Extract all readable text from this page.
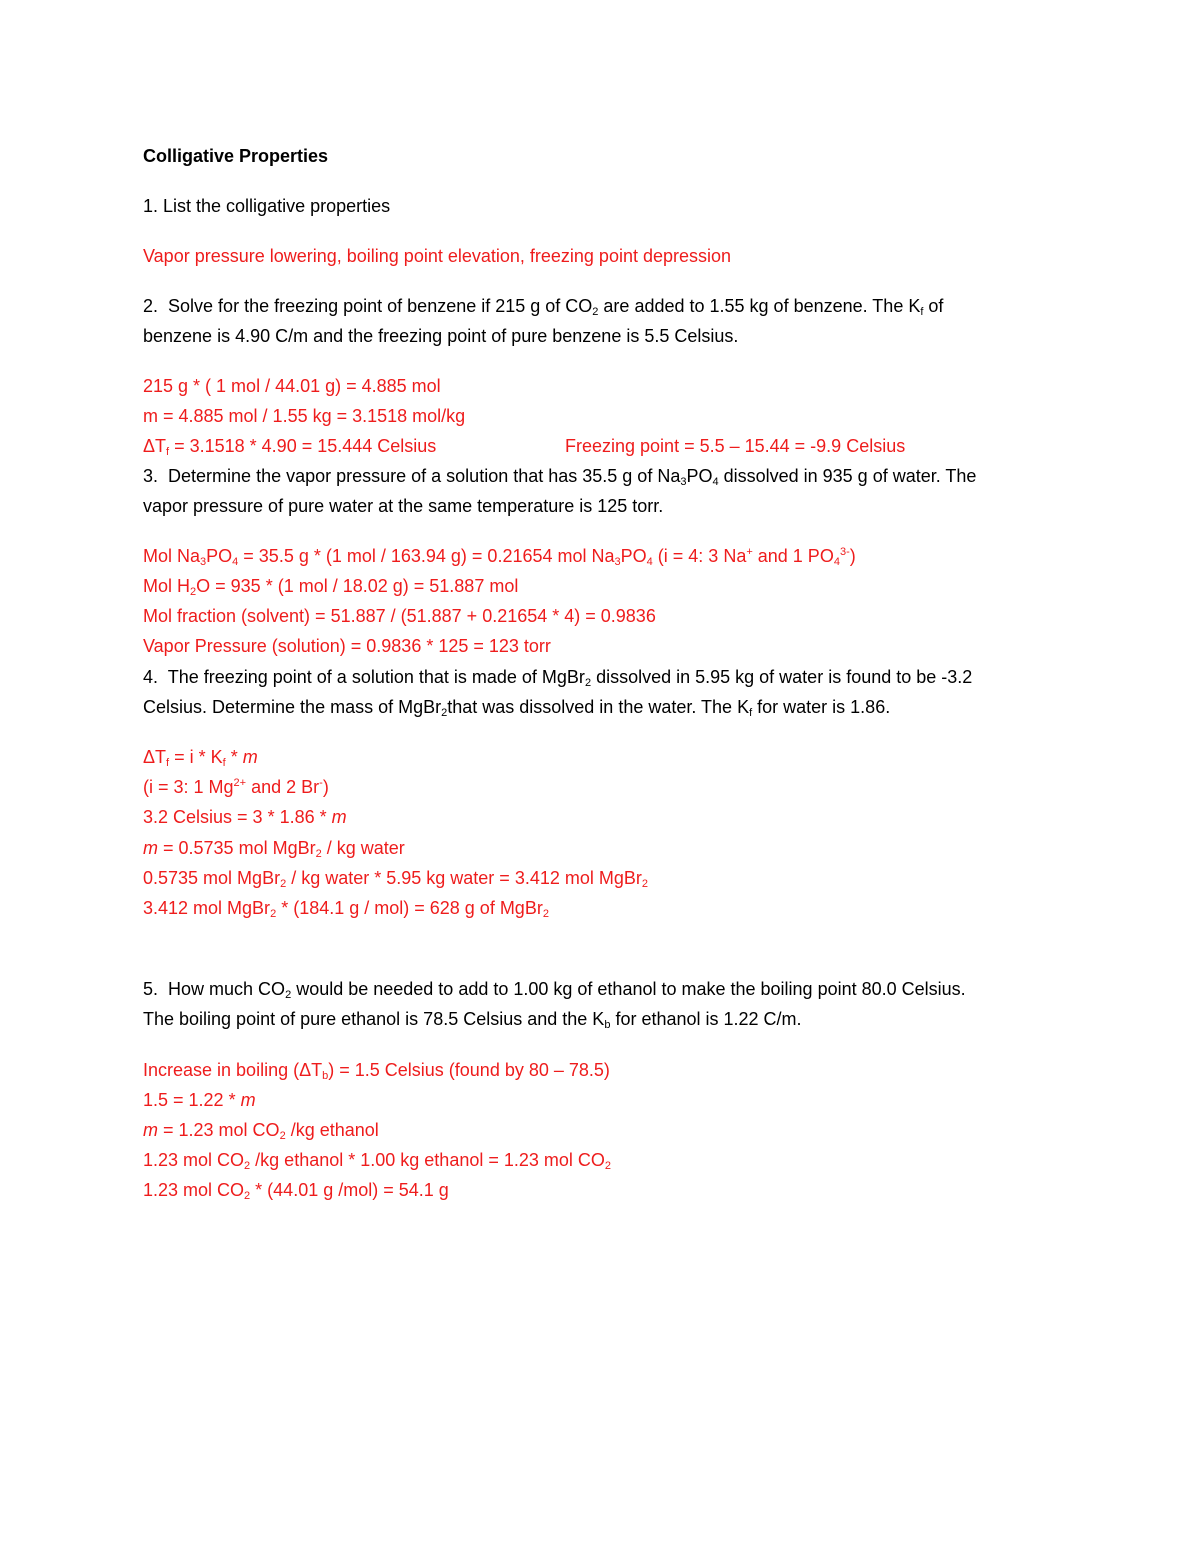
Colligative Properties

1. List the colligative properties

Vapor pressure lowering, boiling point elevation, freezing point depression

2. Solve for the freezing point of benzene if 215 g of $CO_2$ are added to 1.55 kg of benzene. The $K_f$ of

benzene is 4.90 C/m and the freezing point of pure benzene is 5.5 Celsius.

215 g * ( 1 mol / 44.01 g) = 4.885 mol

m = 4.885 mol / 1.55 kg = 3.1518 mol/kg

$\Delta T_f = 3.1518 * 4.90 = 15.444$ Celsius	Freezing point = 5.5 – 15.44 = -9.9 Celsius

3. Determine the vapor pressure of a solution that has 35.5 g of $Na_3PO_4$ dissolved in 935 g of water. The

vapor pressure of pure water at the same temperature is 125 torr.

Mol $Na_3PO_4 = 35.5$ g * (1 mol / 163.94 g) = 0.21654 mol $Na_3PO_4$ (i = 4: 3 Na+ and 1 $PO_4^{3-}$)

Mol $H_2O = 935 * (1$ mol / 18.02 g) = 51.887 mol

Mol fraction (solvent) = 51.887 / (51.887 + 0.21654 * 4) = 0.9836

Vapor Pressure (solution) = 0.9836 * 125 = 123 torr

4. The freezing point of a solution that is made of MgBr$_2$ dissolved in 5.95 kg of water is found to be -3.2

Celsius. Determine the mass of MgBr$_2$that was dissolved in the water. The $K_f$ for water is 1.86.

$\Delta T_f = i * K_f * m$

(i = 3: 1 $Mg^{2+}$ and 2 Br-)

3.2 Celsius = 3 * 1.86 * m

m = 0.5735 mol MgBr$_2$ / kg water

0.5735 mol MgBr$_2$ / kg water * 5.95 kg water = 3.412 mol MgBr$_2$

3.412 mol MgBr$_2$ * (184.1 g / mol) = 628 g of MgBr$_2$

5. How much $CO_2$ would be needed to add to 1.00 kg of ethanol to make the boiling point 80.0 Celsius.

The boiling point of pure ethanol is 78.5 Celsius and the $K_b$ for ethanol is 1.22 C/m.

Increase in boiling $(\Delta T_b) = 1.5$ Celsius (found by 80 – 78.5)

1.5 = 1.22 * m

m = 1.23 mol $CO_2$ /kg ethanol

1.23 mol $CO_2$ /kg ethanol * 1.00 kg ethanol = 1.23 mol $CO_2$

1.23 mol $CO_2 * (44.01$ g /mol) = 54.1 g
